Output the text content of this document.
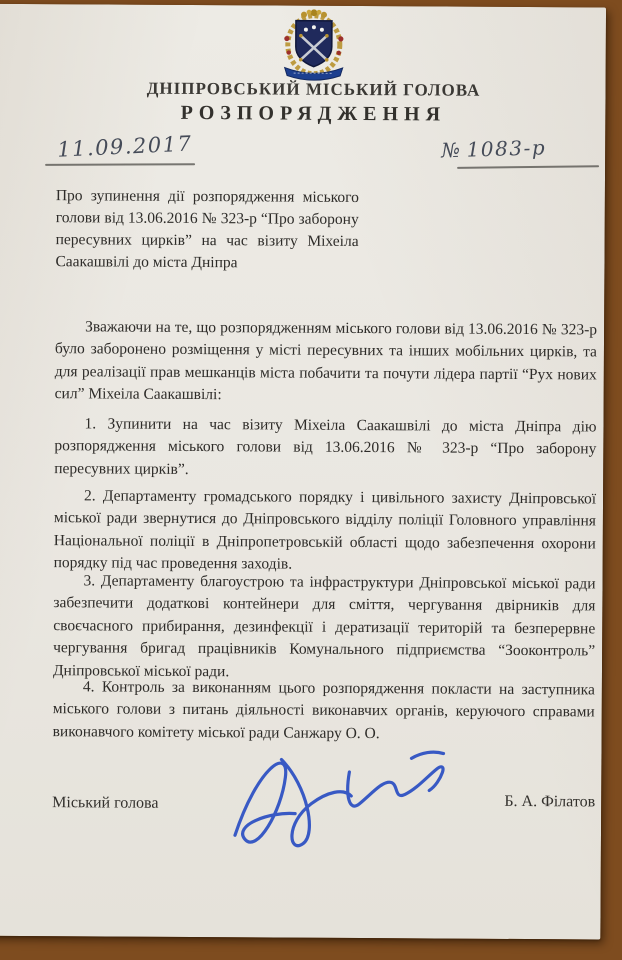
ДНІПРОВСЬКИЙ МІСЬКИЙ ГОЛОВА
РОЗПОРЯДЖЕННЯ
11.09.2017	№ 1083-р
Про зупинення дії розпорядження міського голови від 13.06.2016 № 323-р “Про заборону пересувних цирків” на час візиту Міхеіла Саакашвілі до міста Дніпра

Зважаючи на те, що розпорядженням міського голови від 13.06.2016 № 323-р було заборонено розміщення у місті пересувних та інших мобільних цирків, та для реалізації прав мешканців міста побачити та почути лідера партії “Рух нових сил” Міхеіла Саакашвілі:

1. Зупинити на час візиту Міхеіла Саакашвілі до міста Дніпра дію розпорядження міського голови від 13.06.2016 № 323-р “Про заборону пересувних цирків”.

2. Департаменту громадського порядку і цивільного захисту Дніпровської міської ради звернутися до Дніпровського відділу поліції Головного управління Національної поліції в Дніпропетровській області щодо забезпечення охорони порядку під час проведення заходів.

3. Департаменту благоустрою та інфраструктури Дніпровської міської ради забезпечити додаткові контейнери для сміття, чергування двірників для своєчасного прибирання, дезинфекції і дератизації територій та безперервне чергування бригад працівників Комунального підприємства “Зооконтроль” Дніпровської міської ради.

4. Контроль за виконанням цього розпорядження покласти на заступника міського голови з питань діяльності виконавчих органів, керуючого справами виконавчого комітету міської ради Санжару О. О.

Міський голова	Б. А. Філатов
